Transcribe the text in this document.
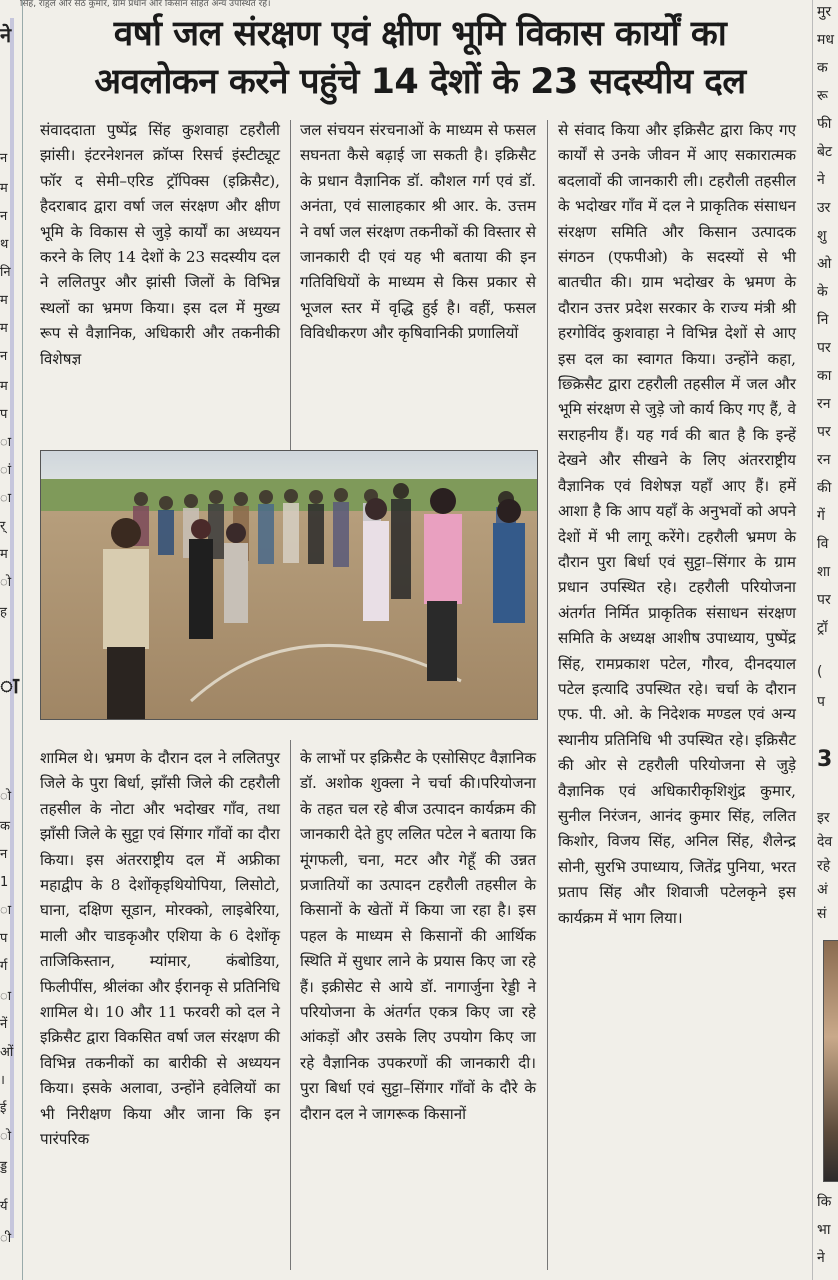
सिंह, राहुल और सेठ कुमार, ग्राम प्रधान और किसान सहित अन्य उपस्थित रहे।
ने
न
म
न
थ
नि
म
म
न
म
प
ा
ां
ा
र्
म
ो
ह
ा
ो
क
न
1
ा
प
र्ग
ा
नें
ओं
।
ई
ो
ड्ड
र्य
ी
वर्षा जल संरक्षण एवं क्षीण भूमि विकास कार्यों का
अवलोकन करने पहुंचे 14 देशों के 23 सदस्यीय दल
संवाददाता पुष्पेंद्र सिंह कुशवाहा टहरौली झांसी। इंटरनेशनल क्रॉप्स रिसर्च इंस्टीट्यूट फॉर द सेमी–एरिड ट्रॉपिक्स (इक्रिसैट), हैदराबाद द्वारा वर्षा जल संरक्षण और क्षीण भूमि के विकास से जुड़े कार्यों का अध्ययन करने के लिए 14 देशों के 23 सदस्यीय दल ने ललितपुर और झांसी जिलों के विभिन्न स्थलों का भ्रमण किया। इस दल में मुख्य रूप से वैज्ञानिक, अधिकारी और तकनीकी विशेषज्ञ
जल संचयन संरचनाओं के माध्यम से फसल सघनता कैसे बढ़ाई जा सकती है। इक्रिसैट के प्रधान वैज्ञानिक डॉ. कौशल गर्ग एवं डॉ. अनंता, एवं सालाहकार श्री आर. के. उत्तम ने वर्षा जल संरक्षण तकनीकों की विस्तार से जानकारी दी एवं यह भी बताया की इन गतिविधियों के माध्यम से किस प्रकार से भूजल स्तर में वृद्धि हुई है। वहीं, फसल विविधीकरण और कृषिवानिकी प्रणालियों
से संवाद किया और इक्रिसैट द्वारा किए गए कार्यों से उनके जीवन में आए सकारात्मक बदलावों की जानकारी ली। टहरौली तहसील के भदोखर गाँव में दल ने प्राकृतिक संसाधन संरक्षण समिति और किसान उत्पादक संगठन (एफपीओ) के सदस्यों से भी बातचीत की। ग्राम भदोखर के भ्रमण के दौरान उत्तर प्रदेश सरकार के राज्य मंत्री श्री हरगोविंद कुशवाहा ने विभिन्न देशों से आए इस दल का स्वागत किया। उन्होंने कहा, छ्क्रिसैट द्वारा टहरौली तहसील में जल और भूमि संरक्षण से जुड़े जो कार्य किए गए हैं, वे सराहनीय हैं। यह गर्व की बात है कि इन्हें देखने और सीखने के लिए अंतरराष्ट्रीय वैज्ञानिक एवं विशेषज्ञ यहाँ आए हैं। हमें आशा है कि आप यहाँ के अनुभवों को अपने देशों में भी लागू करेंगे। टहरौली भ्रमण के दौरान पुरा बिर्धा एवं सुट्टा–सिंगार के ग्राम प्रधान उपस्थित रहे। टहरौली परियोजना अंतर्गत निर्मित प्राकृतिक संसाधन संरक्षण समिति के अध्यक्ष आशीष उपाध्याय, पुष्पेंद्र सिंह, रामप्रकाश पटेल, गौरव, दीनदयाल पटेल इत्यादि उपस्थित रहे। चर्चा के दौरान एफ. पी. ओ. के निदेशक मण्डल एवं अन्य स्थानीय प्रतिनिधि भी उपस्थित रहे। इक्रिसैट की ओर से टहरौली परियोजना से जुड़े वैज्ञानिक एवं अधिकारीकृशिशुंद्र कुमार, सुनील निरंजन, आनंद कुमार सिंह, ललित किशोर, विजय सिंह, अनिल सिंह, शैलेन्द्र सोनी, सुरभि उपाध्याय, जितेंद्र पुनिया, भरत प्रताप सिंह और शिवाजी पटेलकृने इस कार्यक्रम में भाग लिया।
शामिल थे। भ्रमण के दौरान दल ने ललितपुर जिले के पुरा बिर्धा, झाँसी जिले की टहरौली तहसील के नोटा और भदोखर गाँव, तथा झाँसी जिले के सुट्टा एवं सिंगार गाँवों का दौरा किया। इस अंतरराष्ट्रीय दल में अफ्रीका महाद्वीप के 8 देशोंकृइथियोपिया, लिसोटो, घाना, दक्षिण सूडान, मोरक्को, लाइबेरिया, माली और चाडकृऔर एशिया के 6 देशोंकृ ताजिकिस्तान, म्यांमार, कंबोडिया, फिलीपींस, श्रीलंका और ईरानकृ से प्रतिनिधि शामिल थे। 10 और 11 फरवरी को दल ने इक्रिसैट द्वारा विकसित वर्षा जल संरक्षण की विभिन्न तकनीकों का बारीकी से अध्ययन किया। इसके अलावा, उन्होंने हवेलियों का भी निरीक्षण किया और जाना कि इन पारंपरिक
के लाभों पर इक्रिसैट के एसोसिएट वैज्ञानिक डॉ. अशोक शुक्ला ने चर्चा की।परियोजना के तहत चल रहे बीज उत्पादन कार्यक्रम की जानकारी देते हुए ललित पटेल ने बताया कि मूंगफली, चना, मटर और गेहूँ की उन्नत प्रजातियों का उत्पादन टहरौली तहसील के किसानों के खेतों में किया जा रहा है। इस पहल के माध्यम से किसानों की आर्थिक स्थिति में सुधार लाने के प्रयास किए जा रहे हैं। इक्रीसेट से आये डॉ. नागार्जुना रेड्डी ने परियोजना के अंतर्गत एकत्र किए जा रहे आंकड़ों और उसके लिए उपयोग किए जा रहे वैज्ञानिक उपकरणों की जानकारी दी। पुरा बिर्धा एवं सुट्टा–सिंगार गाँवों के दौरे के दौरान दल ने जागरूक किसानों
मुर
मध
क
रू
फी
बेट
ने
उर
शु
ओ
के
नि
पर
का
रन
पर
रन
की
गें
वि
शा
पर
ट्रॉ
(
प
3
इर
देव
रहे
अं
सं
कि
भा
ने
